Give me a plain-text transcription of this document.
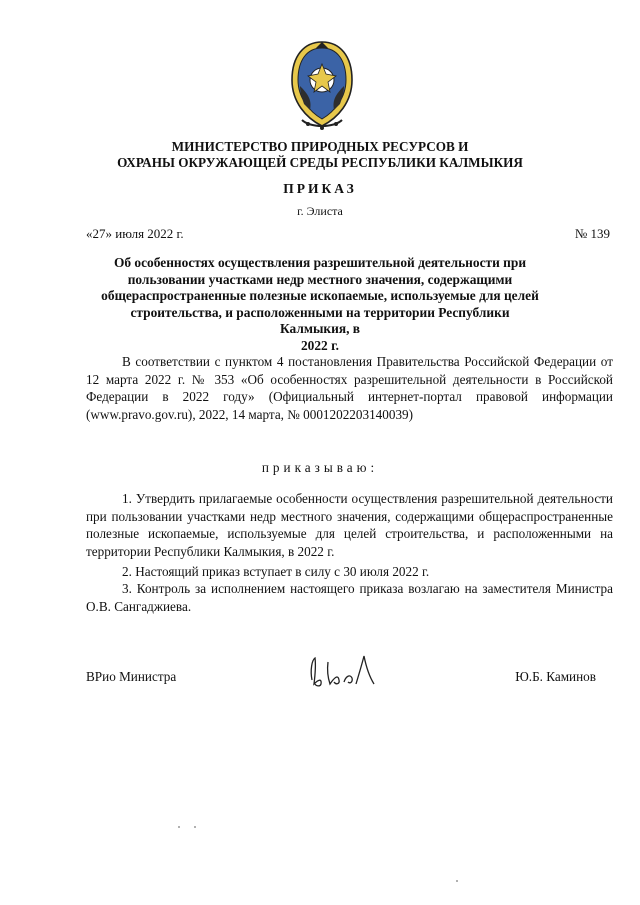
МИНИСТЕРСТВО ПРИРОДНЫХ РЕСУРСОВ И
ОХРАНЫ ОКРУЖАЮЩЕЙ СРЕДЫ РЕСПУБЛИКИ КАЛМЫКИЯ
ПРИКАЗ
г. Элиста
«27» июля 2022 г.	№ 139
Об особенностях осуществления разрешительной деятельности при
пользовании участками недр местного значения, содержащими
общераспространенные полезные ископаемые, используемые для целей
строительства, и расположенными на территории Республики Калмыкия, в
2022 г.
В соответствии с пунктом 4 постановления Правительства Российской Федерации от 12 марта 2022 г. № 353 «Об особенностях разрешительной деятельности в Российской Федерации в 2022 году» (Официальный интернет-портал правовой информации (www.pravo.gov.ru), 2022, 14 марта, № 0001202203140039)
приказываю:
1. Утвердить прилагаемые особенности осуществления разрешительной деятельности при пользовании участками недр местного значения, содержащими общераспространенные полезные ископаемые, используемые для целей строительства, и расположенными на территории Республики Калмыкия, в 2022 г.
2. Настоящий приказ вступает в силу с 30 июля 2022 г.
3. Контроль за исполнением настоящего приказа возлагаю на заместителя Министра О.В. Сангаджиева.
ВРио Министра	Ю.Б. Каминов
